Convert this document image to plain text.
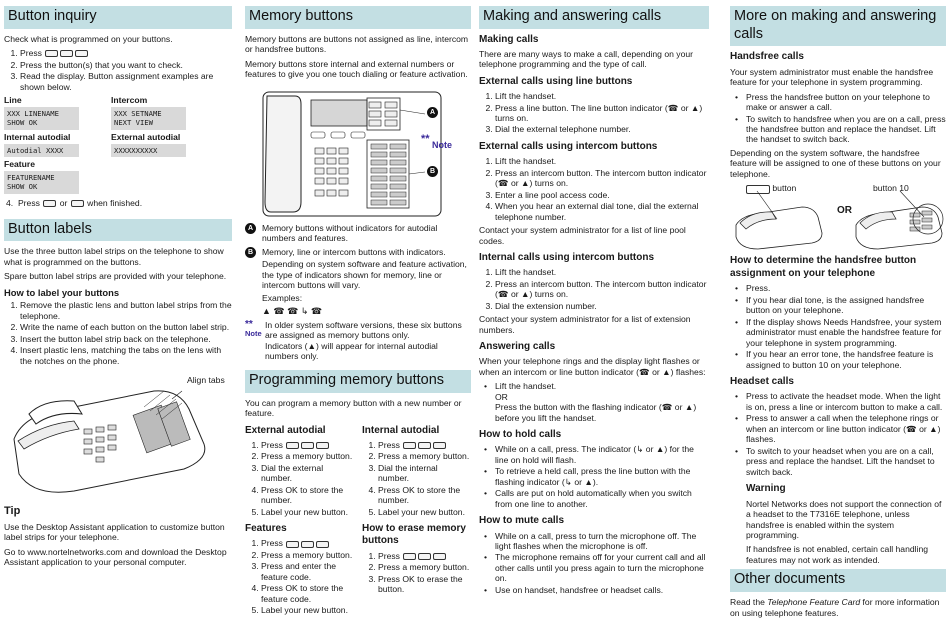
Button inquiry

Check what is programmed on your buttons.

1. Press
2. Press the button(s) that you want to check.
3. Read the display. Button assignment examples are shown below.
Line
XXX LINENAME
SHOW OK
Intercom
XXX SETNAME
NEXT VIEW
Internal autodial
Autodial XXXX
External autodial
XXXXXXXXXX
Feature
FEATURENAME
SHOW OK

4.  Press or when finished.

Button labels

Use the three button label strips on the telephone to show what is programmed on the buttons.

Spare button label strips are provided with your telephone.

How to label your buttons
1. Remove the plastic lens and button label strips from the telephone.
2. Write the name of each button on the button label strip.
3. Insert the button label strip back on the telephone.
4. Insert plastic lens, matching the tabs on the lens with the notches on the phone.
Align tabs
Tip

Use the Desktop Assistant application to customize button label strips for your telephone.

Go to www.nortelnetworks.com and download the Desktop Assistant application to your personal computer.

Memory buttons

Memory buttons are buttons not assigned as line, intercom or handsfree buttons.

Memory buttons store internal and external numbers or features to give you one touch dialing or feature activation.

A
B
** Note
A	Memory buttons without indicators for autodial numbers and features.
B	Memory, line or intercom buttons with indicators.
Depending on system software and feature activation, the type of indicators shown for memory, line or intercom buttons will vary.
Examples:
▲ ☎ ☎ ↳ ☎
**
Note
In older system software versions, these six buttons are assigned as memory buttons only.
Indicators (▲) will appear for internal autodial numbers only.
Programming memory buttons

You can program a memory button with a new number or feature.

External autodial
1. Press
2. Press a memory button.
3. Dial the external number.
4. Press OK to store the number.
5. Label your new button.
Features
1. Press
2. Press a memory button.
3. Press and enter the feature code.
4. Press OK to store the feature code.
5. Label your new button.
Internal autodial
1. Press
2. Press a memory button.
3. Dial the internal number.
4. Press OK to store the number.
5. Label your new button.
How to erase memory buttons
1. Press
2. Press a memory button.
3. Press OK to erase the button.
Making and answering calls
Making calls

There are many ways to make a call, depending on your telephone programming and the type of call.

External calls using line buttons
1. Lift the handset.
2. Press a line button. The line button indicator (☎ or ▲) turns on.
3. Dial the external telephone number.
External calls using intercom buttons
1. Lift the handset.
2. Press an intercom button. The intercom button indicator (☎ or ▲) turns on.
3. Enter a line pool access code.
4. When you hear an external dial tone, dial the external telephone number.

Contact your system administrator for a list of line pool codes.

Internal calls using intercom buttons
1. Lift the handset.
2. Press an intercom button. The intercom button indicator (☎ or ▲) turns on.
3. Dial the extension number.

Contact your system administrator for a list of extension numbers.

Answering calls

When your telephone rings and the display light flashes or when an intercom or line button indicator (☎ or ▲) flashes:

• Lift the handset.
OR
Press the button with the flashing indicator (☎ or ▲) before you lift the handset.
How to hold calls
• While on a call, press. The indicator (↳ or ▲) for the line on hold will flash.
• To retrieve a held call, press the line button with the flashing indicator (↳ or ▲).
• Calls are put on hold automatically when you switch from one line to another.
How to mute calls
• While on a call, press to turn the microphone off. The light flashes when the microphone is off.
• The microphone remains off for your current call and all other calls until you press again to turn the microphone on.
• Use on handset, handsfree or headset calls.
More on making and answering calls
Handsfree calls

Your system administrator must enable the handsfree feature for your telephone in system programming.

• Press the handsfree button on your telephone to make or answer a call.
• To switch to handsfree when you are on a call, press the handsfree button and replace the handset. Lift the handset to switch back.

Depending on the system software, the handsfree feature will be assigned to one of these buttons on your telephone.

button	button 10
OR
How to determine the handsfree button assignment on your telephone
• Press.
• If you hear dial tone, is the assigned handsfree button on your telephone.
• If the display shows Needs Handsfree, your system administrator must enable the handsfree feature for your telephone in system programming.
• If you hear an error tone, the handsfree feature is assigned to button 10 on your telephone.
Headset calls
• Press to activate the headset mode. When the light is on, press a line or intercom button to make a call.
• Press to answer a call when the telephone rings or when an intercom or line button indicator (☎ or ▲) flashes.
• To switch to your headset when you are on a call, press and replace the handset. Lift the handset to switch back.
Warning

Nortel Networks does not support the connection of a headset to the T7316E telephone, unless handsfree is enabled within the system programming.

If handsfree is not enabled, certain call handling features may not work as intended.

Other documents

Read the Telephone Feature Card for more information on using telephone features.
